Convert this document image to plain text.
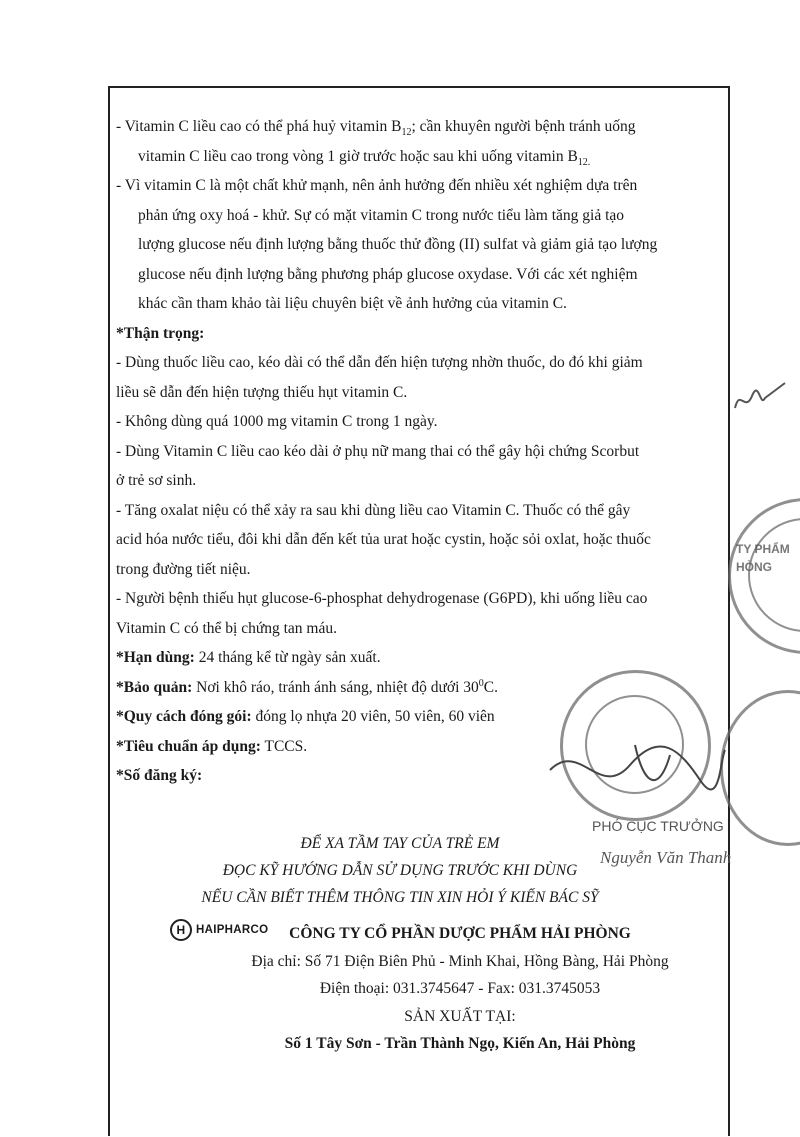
- Vitamin C liều cao có thể phá huỷ vitamin $B_{12}$; cần khuyên người bệnh tránh uống

vitamin C liều cao trong vòng 1 giờ trước hoặc sau khi uống vitamin $B_{12.}$

- Vì vitamin C là một chất khử mạnh, nên ảnh hưởng đến nhiều xét nghiệm dựa trên

phản ứng oxy hoá - khử. Sự có mặt vitamin C trong nước tiểu làm tăng giả tạo

lượng glucose nếu định lượng bằng thuốc thử đồng (II) sulfat và giảm giả tạo lượng

glucose nếu định lượng bằng phương pháp glucose oxydase. Với các xét nghiệm

khác cần tham khảo tài liệu chuyên biệt về ảnh hưởng của vitamin C.

*Thận trọng:

- Dùng thuốc liều cao, kéo dài có thể dẫn đến hiện tượng nhờn thuốc, do đó khi giảm

liều sẽ dẫn đến hiện tượng thiếu hụt vitamin C.

- Không dùng quá 1000 mg vitamin C trong 1 ngày.

- Dùng Vitamin C liều cao kéo dài ở phụ nữ mang thai có thể gây hội chứng Scorbut

ở trẻ sơ sinh.

- Tăng oxalat niệu có thể xảy ra sau khi dùng liều cao Vitamin C. Thuốc có thể gây

acid hóa nước tiểu, đôi khi dẫn đến kết tủa urat hoặc cystin, hoặc sỏi oxlat, hoặc thuốc

trong đường tiết niệu.

- Người bệnh thiếu hụt glucose-6-phosphat dehydrogenase (G6PD), khi uống liều cao

Vitamin C có thể bị chứng tan máu.

*Hạn dùng: 24 tháng kể từ ngày sản xuất.

*Bảo quản: Nơi khô ráo, tránh ánh sáng, nhiệt độ dưới $30^0C$.

*Quy cách đóng gói: đóng lọ nhựa 20 viên, 50 viên, 60 viên

*Tiêu chuẩn áp dụng: TCCS.

*Số đăng ký:

ĐỂ XA TẦM TAY CỦA TRẺ EM
ĐỌC KỸ HƯỚNG DẪN SỬ DỤNG TRƯỚC KHI DÙNG
NẾU CẦN BIẾT THÊM THÔNG TIN XIN HỎI Ý KIẾN BÁC SỸ
H HAIPHARCO	CÔNG TY CỔ PHẦN DƯỢC PHẨM HẢI PHÒNG
Địa chỉ: Số 71 Điện Biên Phủ - Minh Khai, Hồng Bàng, Hải Phòng
Điện thoại: 031.3745647 - Fax: 031.3745053
SẢN XUẤT TẠI:
Số 1 Tây Sơn - Trần Thành Ngọ, Kiến An, Hải Phòng
TY PHẨM HÒNG
PHÓ CỤC TRƯỞNG
Nguyễn Văn Thanh
